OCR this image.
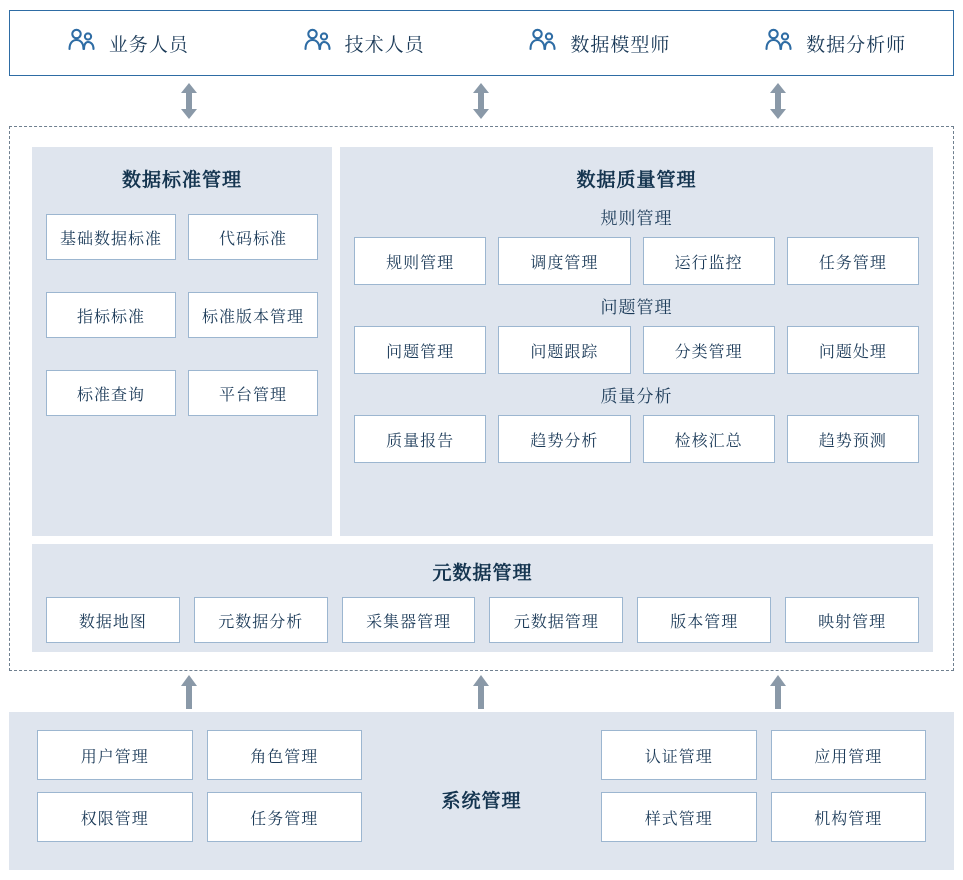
业务人员	技术人员	数据模型师	数据分析师
数据标准管理
基础数据标准	代码标准
指标标准	标准版本管理
标准查询	平台管理
数据质量管理
规则管理
规则管理	调度管理	运行监控	任务管理
问题管理
问题管理	问题跟踪	分类管理	问题处理
质量分析
质量报告	趋势分析	检核汇总	趋势预测
元数据管理
数据地图	元数据分析	采集器管理	元数据管理	版本管理	映射管理
用户管理	角色管理
权限管理	任务管理
系统管理
认证管理	应用管理
样式管理	机构管理
